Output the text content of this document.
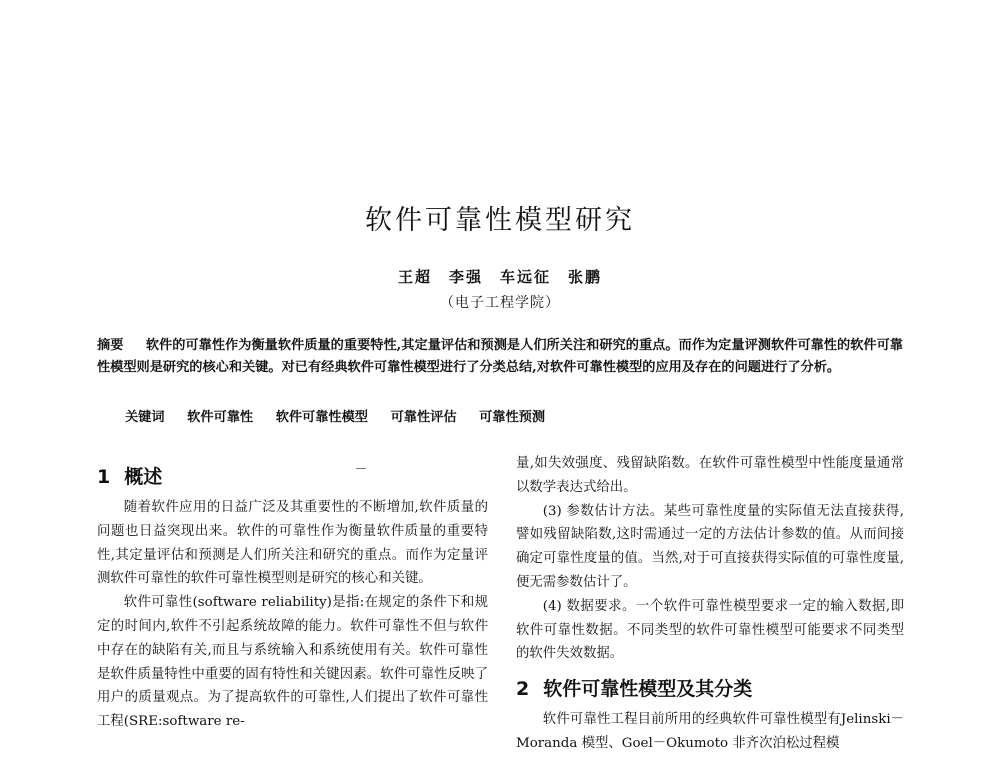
软件可靠性模型研究
王超　李强　车远征　张鹏
（电子工程学院）
摘要 　 软件的可靠性作为衡量软件质量的重要特性,其定量评估和预测是人们所关注和研究的重点。而作为定量评测软件可靠性的软件可靠性模型则是研究的核心和关键。对已有经典软件可靠性模型进行了分类总结,对软件可靠性模型的应用及存在的问题进行了分析。
关键词 软件可靠性 软件可靠性模型 可靠性评估 可靠性预测
1 概述

随着软件应用的日益广泛及其重要性的不断增加,软件质量的问题也日益突现出来。软件的可靠性作为衡量软件质量的重要特性,其定量评估和预测是人们所关注和研究的重点。而作为定量评测软件可靠性的软件可靠性模型则是研究的核心和关键。

软件可靠性(software reliability)是指:在规定的条件下和规定的时间内,软件不引起系统故障的能力。软件可靠性不但与软件中存在的缺陷有关,而且与系统输入和系统使用有关。软件可靠性是软件质量特性中重要的固有特性和关键因素。软件可靠性反映了用户的质量观点。为了提高软件的可靠性,人们提出了软件可靠性工程(SRE:software re-

量,如失效强度、残留缺陷数。在软件可靠性模型中性能度量通常以数学表达式给出。

(3) 参数估计方法。某些可靠性度量的实际值无法直接获得,譬如残留缺陷数,这时需通过一定的方法估计参数的值。从而间接确定可靠性度量的值。当然,对于可直接获得实际值的可靠性度量,便无需参数估计了。

(4) 数据要求。一个软件可靠性模型要求一定的输入数据,即软件可靠性数据。不同类型的软件可靠性模型可能要求不同类型的软件失效数据。

2 软件可靠性模型及其分类

软件可靠性工程目前所用的经典软件可靠性模型有Jelinski－Moranda 模型、Goel－Okumoto 非齐次泊松过程模
